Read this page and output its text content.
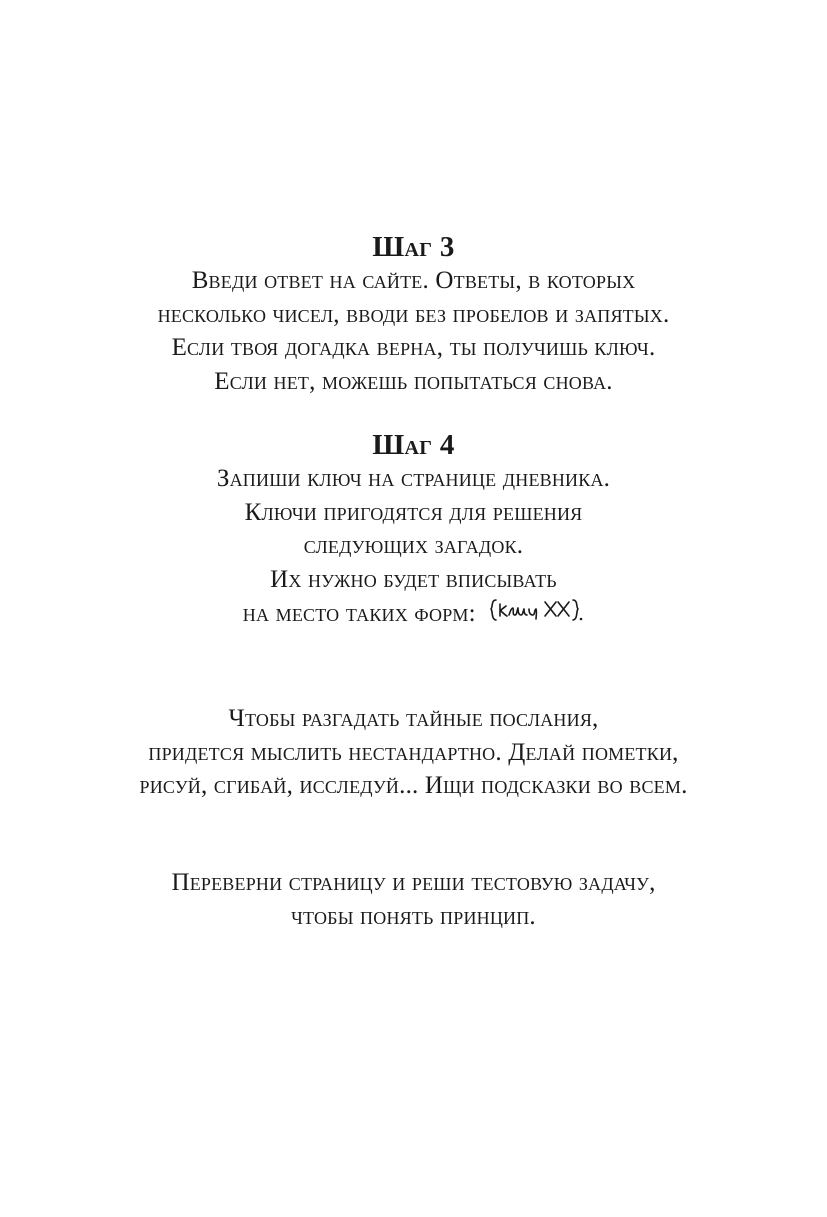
Шаг 3
Введи ответ на сайте. Ответы, в которых
несколько чисел, вводи без пробелов и запятых.
Если твоя догадка верна, ты получишь ключ.
Если нет, можешь попытаться снова.
Шаг 4
Запиши ключ на странице дневника.
Ключи пригодятся для решения
следующих загадок.
Их нужно будет вписывать
на место таких форм:
Чтобы разгадать тайные послания,
придется мыслить нестандартно. Делай пометки,
рисуй, сгибай, исследуй... Ищи подсказки во всем.
Переверни страницу и реши тестовую задачу,
чтобы понять принцип.
